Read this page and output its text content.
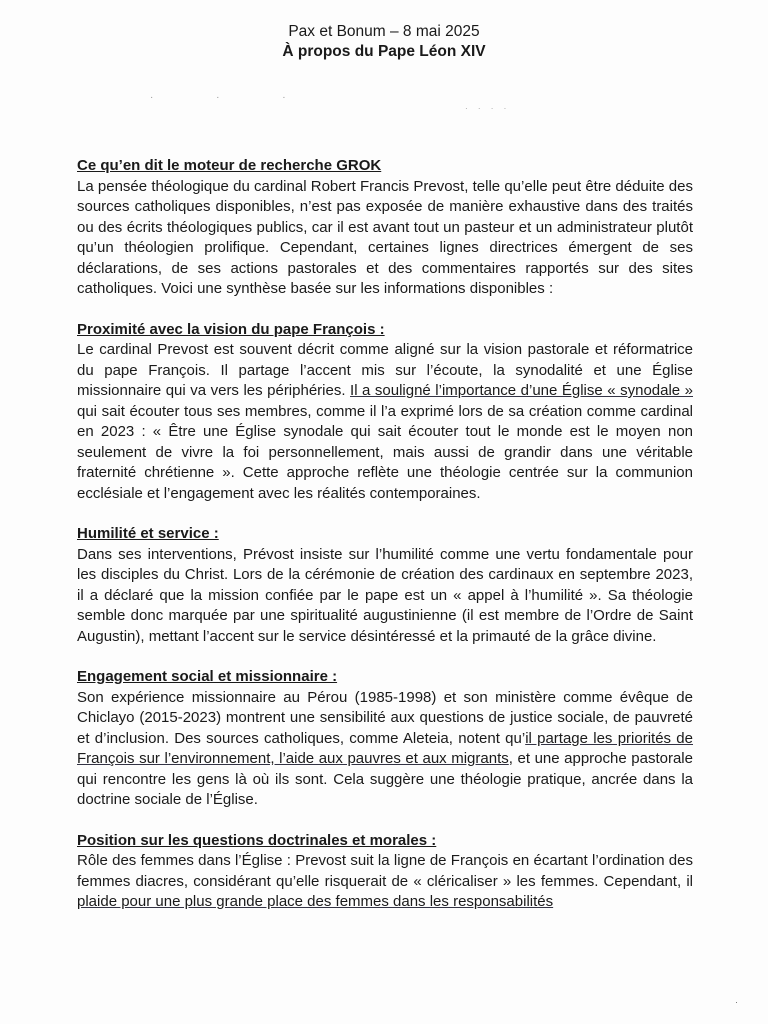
Pax et Bonum – 8 mai 2025
À propos du Pape Léon XIV
· · ·
· · · ·

Ce qu’en dit le moteur de recherche GROK

La pensée théologique du cardinal Robert Francis Prevost, telle qu’elle peut être déduite des sources catholiques disponibles, n’est pas exposée de manière exhaustive dans des traités ou des écrits théologiques publics, car il est avant tout un pasteur et un administrateur plutôt qu’un théologien prolifique. Cependant, certaines lignes directrices émergent de ses déclarations, de ses actions pastorales et des commentaires rapportés sur des sites catholiques. Voici une synthèse basée sur les informations disponibles :

Proximité avec la vision du pape François :

Le cardinal Prevost est souvent décrit comme aligné sur la vision pastorale et réformatrice du pape François. Il partage l’accent mis sur l’écoute, la synodalité et une Église missionnaire qui va vers les périphéries. Il a souligné l’importance d’une Église « synodale » qui sait écouter tous ses membres, comme il l’a exprimé lors de sa création comme cardinal en 2023 : « Être une Église synodale qui sait écouter tout le monde est le moyen non seulement de vivre la foi personnellement, mais aussi de grandir dans une véritable fraternité chrétienne ». Cette approche reflète une théologie centrée sur la communion ecclésiale et l’engagement avec les réalités contemporaines.

Humilité et service :

Dans ses interventions, Prévost insiste sur l’humilité comme une vertu fondamentale pour les disciples du Christ. Lors de la cérémonie de création des cardinaux en septembre 2023, il a déclaré que la mission confiée par le pape est un « appel à l’humilité ». Sa théologie semble donc marquée par une spiritualité augustinienne (il est membre de l’Ordre de Saint Augustin), mettant l’accent sur le service désintéressé et la primauté de la grâce divine.

Engagement social et missionnaire :

Son expérience missionnaire au Pérou (1985-1998) et son ministère comme évêque de Chiclayo (2015-2023) montrent une sensibilité aux questions de justice sociale, de pauvreté et d’inclusion. Des sources catholiques, comme Aleteia, notent qu’il partage les priorités de François sur l’environnement, l’aide aux pauvres et aux migrants, et une approche pastorale qui rencontre les gens là où ils sont. Cela suggère une théologie pratique, ancrée dans la doctrine sociale de l’Église.

Position sur les questions doctrinales et morales :

Rôle des femmes dans l’Église : Prevost suit la ligne de François en écartant l’ordination des femmes diacres, considérant qu’elle risquerait de « cléricaliser » les femmes. Cependant, il plaide pour une plus grande place des femmes dans les responsabilités

·
